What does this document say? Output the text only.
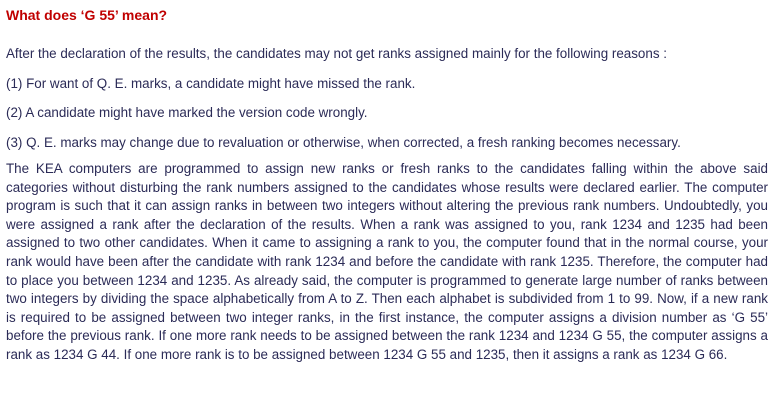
What does ‘G 55’ mean?

After the declaration of the results, the candidates may not get ranks assigned mainly for the following reasons :

(1) For want of Q. E. marks, a candidate might have missed the rank.

(2) A candidate might have marked the version code wrongly.

(3) Q. E. marks may change due to revaluation or otherwise, when corrected, a fresh ranking becomes necessary.

The KEA computers are programmed to assign new ranks or fresh ranks to the candidates falling within the above said categories without disturbing the rank numbers assigned to the candidates whose results were declared earlier. The computer program is such that it can assign ranks in between two integers without altering the previous rank numbers. Undoubtedly, you were assigned a rank after the declaration of the results. When a rank was assigned to you, rank 1234 and 1235 had been assigned to two other candidates. When it came to assigning a rank to you, the computer found that in the normal course, your rank would have been after the candidate with rank 1234 and before the candidate with rank 1235. Therefore, the computer had to place you between 1234 and 1235. As already said, the computer is programmed to generate large number of ranks between two integers by dividing the space alphabetically from A to Z. Then each alphabet is subdivided from 1 to 99. Now, if a new rank is required to be assigned between two integer ranks, in the first instance, the computer assigns a division number as ‘G 55’ before the previous rank. If one more rank needs to be assigned between the rank 1234 and 1234 G 55, the computer assigns a rank as 1234 G 44. If one more rank is to be assigned between 1234 G 55 and 1235, then it assigns a rank as 1234 G 66.
